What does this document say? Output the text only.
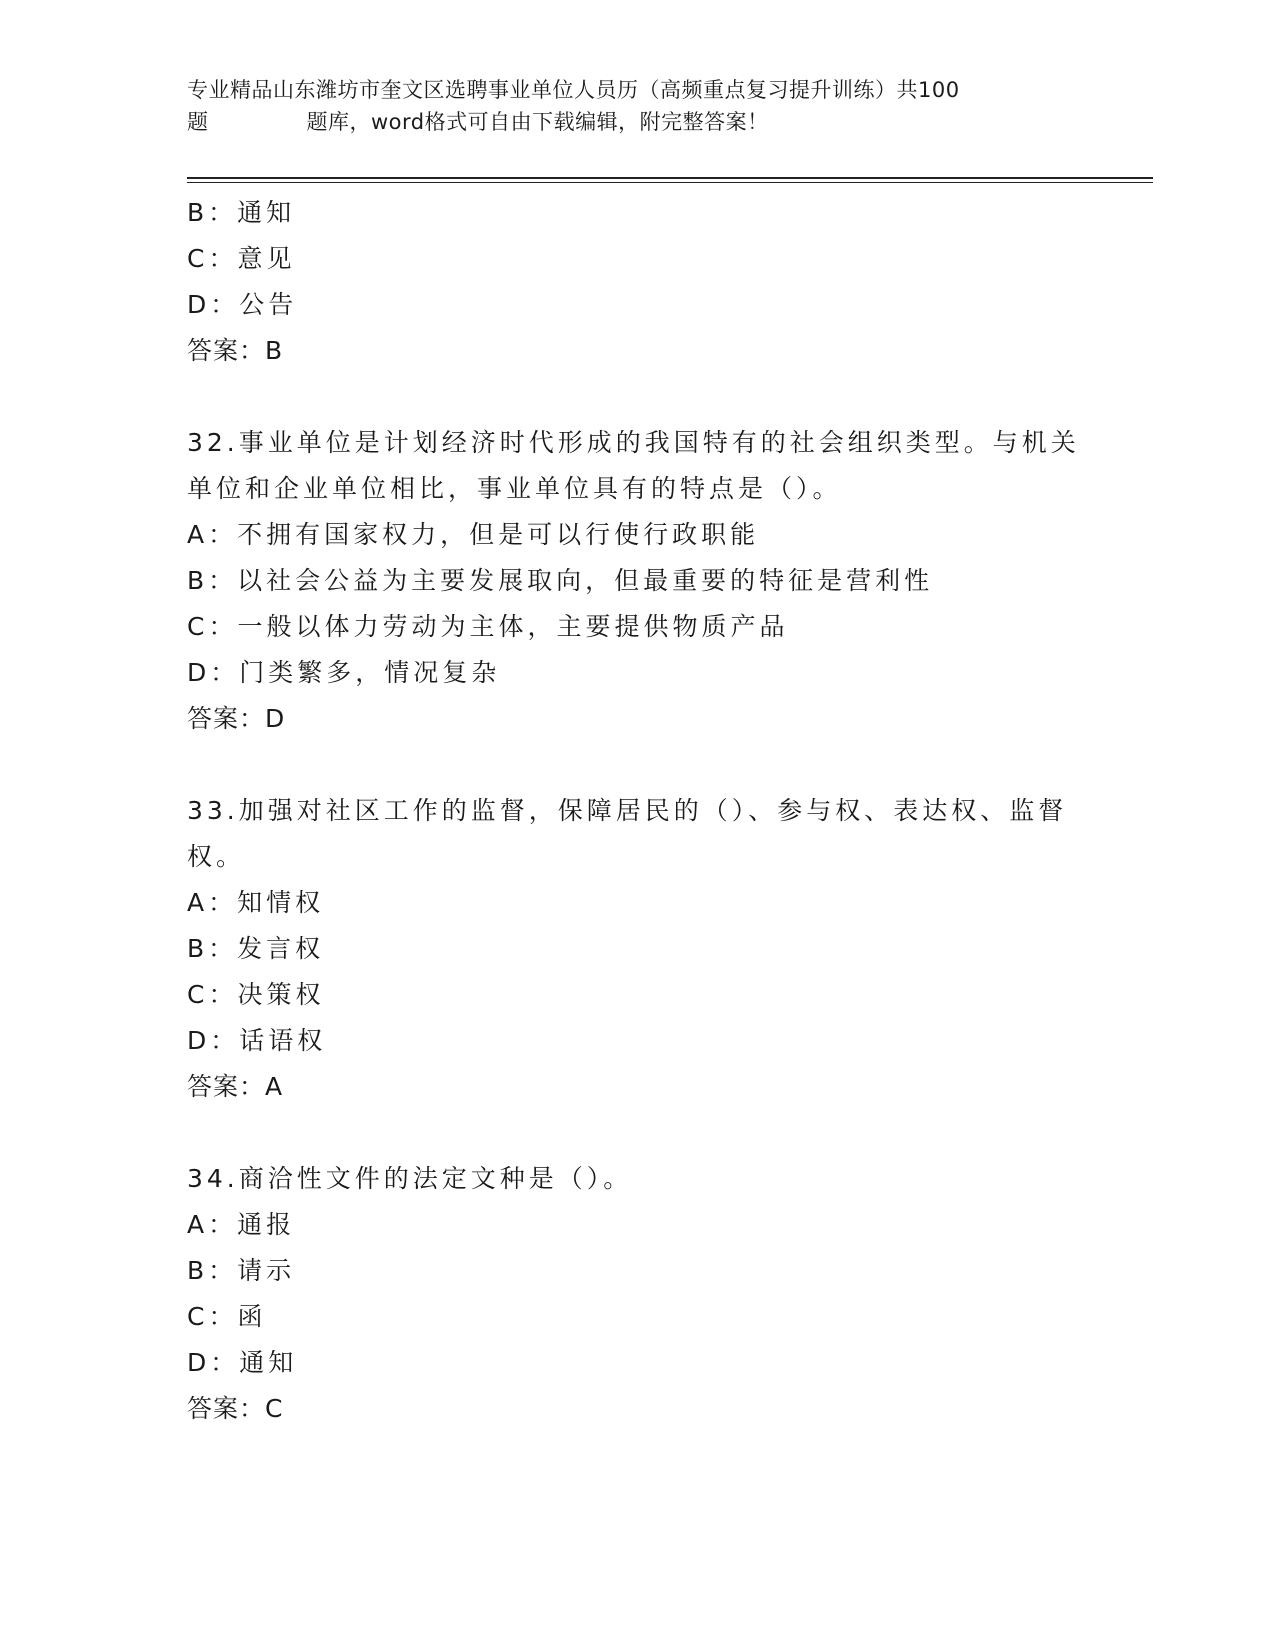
专业精品山东潍坊市奎文区选聘事业单位人员历（高频重点复习提升训练）共100
题	题库，word格式可自由下载编辑，附完整答案！
B：通知
C：意见
D：公告
答案：B
32.事业单位是计划经济时代形成的我国特有的社会组织类型。与机关
单位和企业单位相比，事业单位具有的特点是（）。
A：不拥有国家权力，但是可以行使行政职能
B：以社会公益为主要发展取向，但最重要的特征是营利性
C：一般以体力劳动为主体，主要提供物质产品
D：门类繁多，情况复杂
答案：D
33.加强对社区工作的监督，保障居民的（）、参与权、表达权、监督
权。
A：知情权
B：发言权
C：决策权
D：话语权
答案：A
34.商洽性文件的法定文种是（）。
A：通报
B：请示
C：函
D：通知
答案：C
